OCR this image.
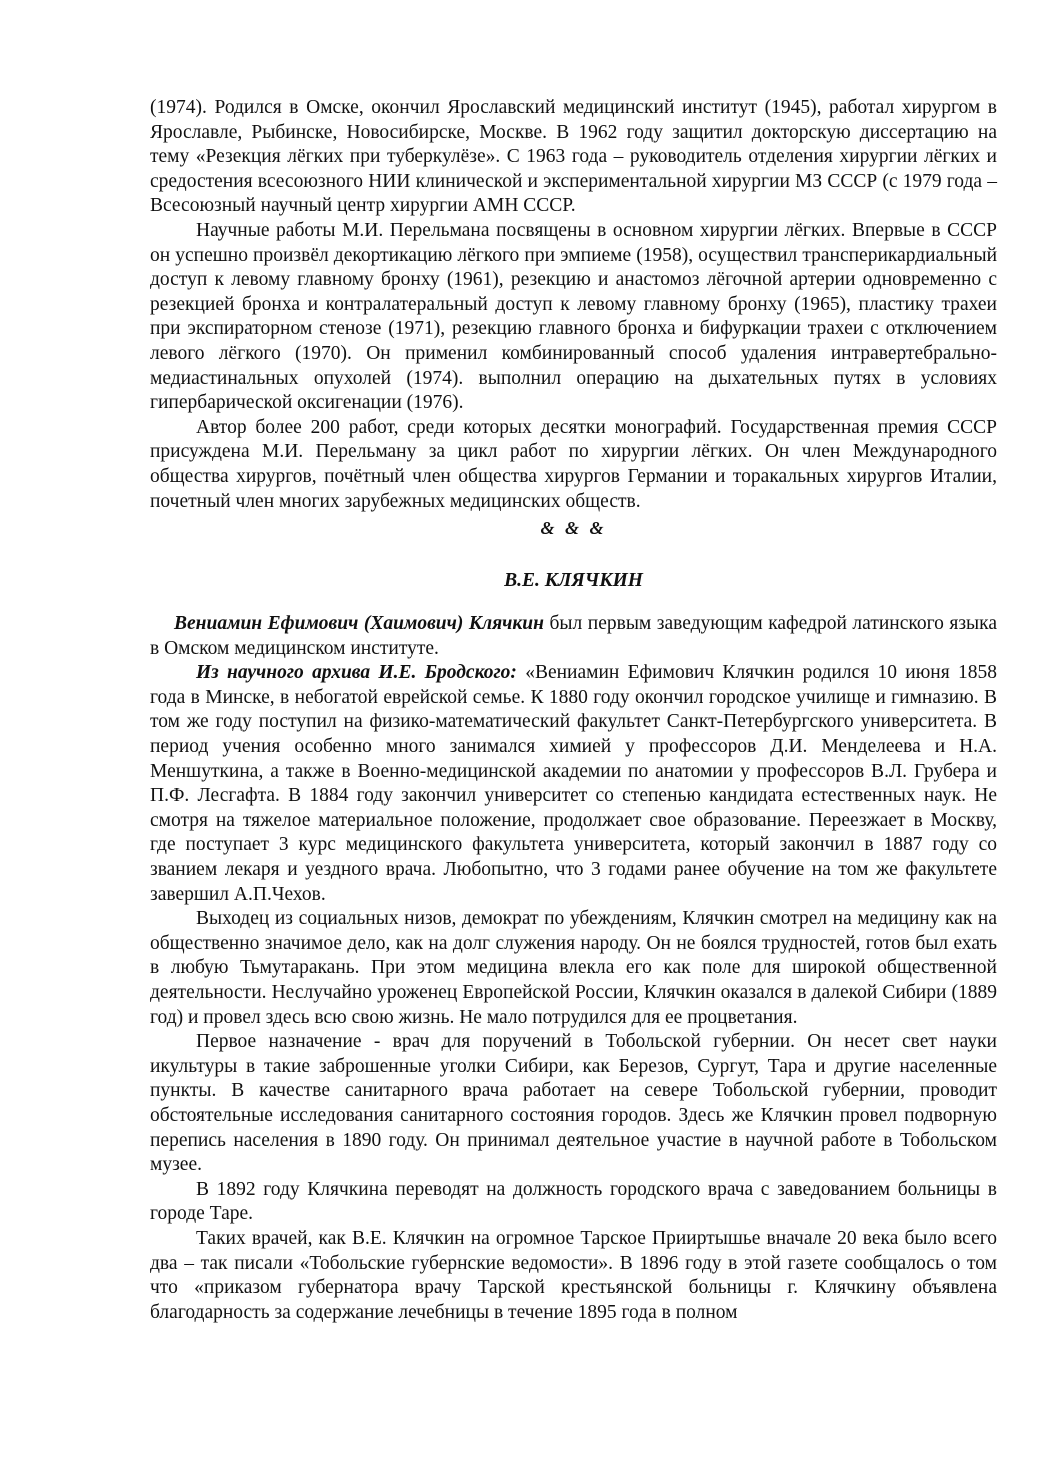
(1974). Родился в Омске, окончил Ярославский медицинский институт (1945), работал хирургом в Ярославле, Рыбинске, Новосибирске, Москве. В 1962 году защитил докторскую диссертацию на тему «Резекция лёгких при туберкулёзе». С 1963 года – руководитель отделения хирургии лёгких и средостения всесоюзного НИИ клинической и экспериментальной хирургии МЗ СССР (с 1979 года – Всесоюзный научный центр хирургии АМН СССР.

Научные работы М.И. Перельмана посвящены в основном хирургии лёгких. Впервые в СССР он успешно произвёл декортикацию лёгкого при эмпиеме (1958), осуществил трансперикардиальный доступ к левому главному бронху (1961), резекцию и анастомоз лёгочной артерии одновременно с резекцией бронха и контралатеральный доступ к левому главному бронху (1965), пластику трахеи при экспираторном стенозе (1971), резекцию главного бронха и бифуркации трахеи с отключением левого лёгкого (1970). Он применил комбинированный способ удаления интравертебрально-медиастинальных опухолей (1974). выполнил операцию на дыхательных путях в условиях гипербарической оксигенации (1976).

Автор более 200 работ, среди которых десятки монографий. Государственная премия СССР присуждена М.И. Перельману за цикл работ по хирургии лёгких. Он член Международного общества хирургов, почётный член общества хирургов Германии и торакальных хирургов Италии, почетный член многих зарубежных медицинских обществ.

& & &
В.Е. КЛЯЧКИН

Вениамин Ефимович (Хаимович) Клячкин был первым заведующим кафедрой латинского языка в Омском медицинском институте.

Из научного архива И.Е. Бродского: «Вениамин Ефимович Клячкин родился 10 июня 1858 года в Минске, в небогатой еврейской семье. К 1880 году окончил городское училище и гимназию. В том же году поступил на физико-математический факультет Санкт-Петербургского университета. В период учения особенно много занимался химией у профессоров Д.И. Менделеева и Н.А. Меншуткина, а также в Военно-медицинской академии по анатомии у профессоров В.Л. Грубера и П.Ф. Лесгафта. В 1884 году закончил университет со степенью кандидата естественных наук. Не смотря на тяжелое материальное положение, продолжает свое образование. Переезжает в Москву, где поступает 3 курс медицинского факультета университета, который закончил в 1887 году со званием лекаря и уездного врача. Любопытно, что 3 годами ранее обучение на том же факультете завершил А.П.Чехов.

Выходец из социальных низов, демократ по убеждениям, Клячкин смотрел на медицину как на общественно значимое дело, как на долг служения народу. Он не боялся трудностей, готов был ехать в любую Тьмутаракань. При этом медицина влекла его как поле для широкой общественной деятельности. Неслучайно уроженец Европейской России, Клячкин оказался в далекой Сибири (1889 год) и провел здесь всю свою жизнь. Не мало потрудился для ее процветания.

Первое назначение - врач для поручений в Тобольской губернии. Он несет свет науки икультуры в такие заброшенные уголки Сибири, как Березов, Сургут, Тара и другие населенные пункты. В качестве санитарного врача работает на севере Тобольской губернии, проводит обстоятельные исследования санитарного состояния городов. Здесь же Клячкин провел подворную перепись населения в 1890 году. Он принимал деятельное участие в научной работе в Тобольском музее.

В 1892 году Клячкина переводят на должность городского врача с заведованием больницы в городе Таре.

Таких врачей, как В.Е. Клячкин на огромное Тарское Прииртышье вначале 20 века было всего два – так писали «Тобольские губернские ведомости». В 1896 году в этой газете сообщалось о том что «приказом губернатора врачу Тарской крестьянской больницы г. Клячкину объявлена благодарность за содержание лечебницы в течение 1895 года в полном
